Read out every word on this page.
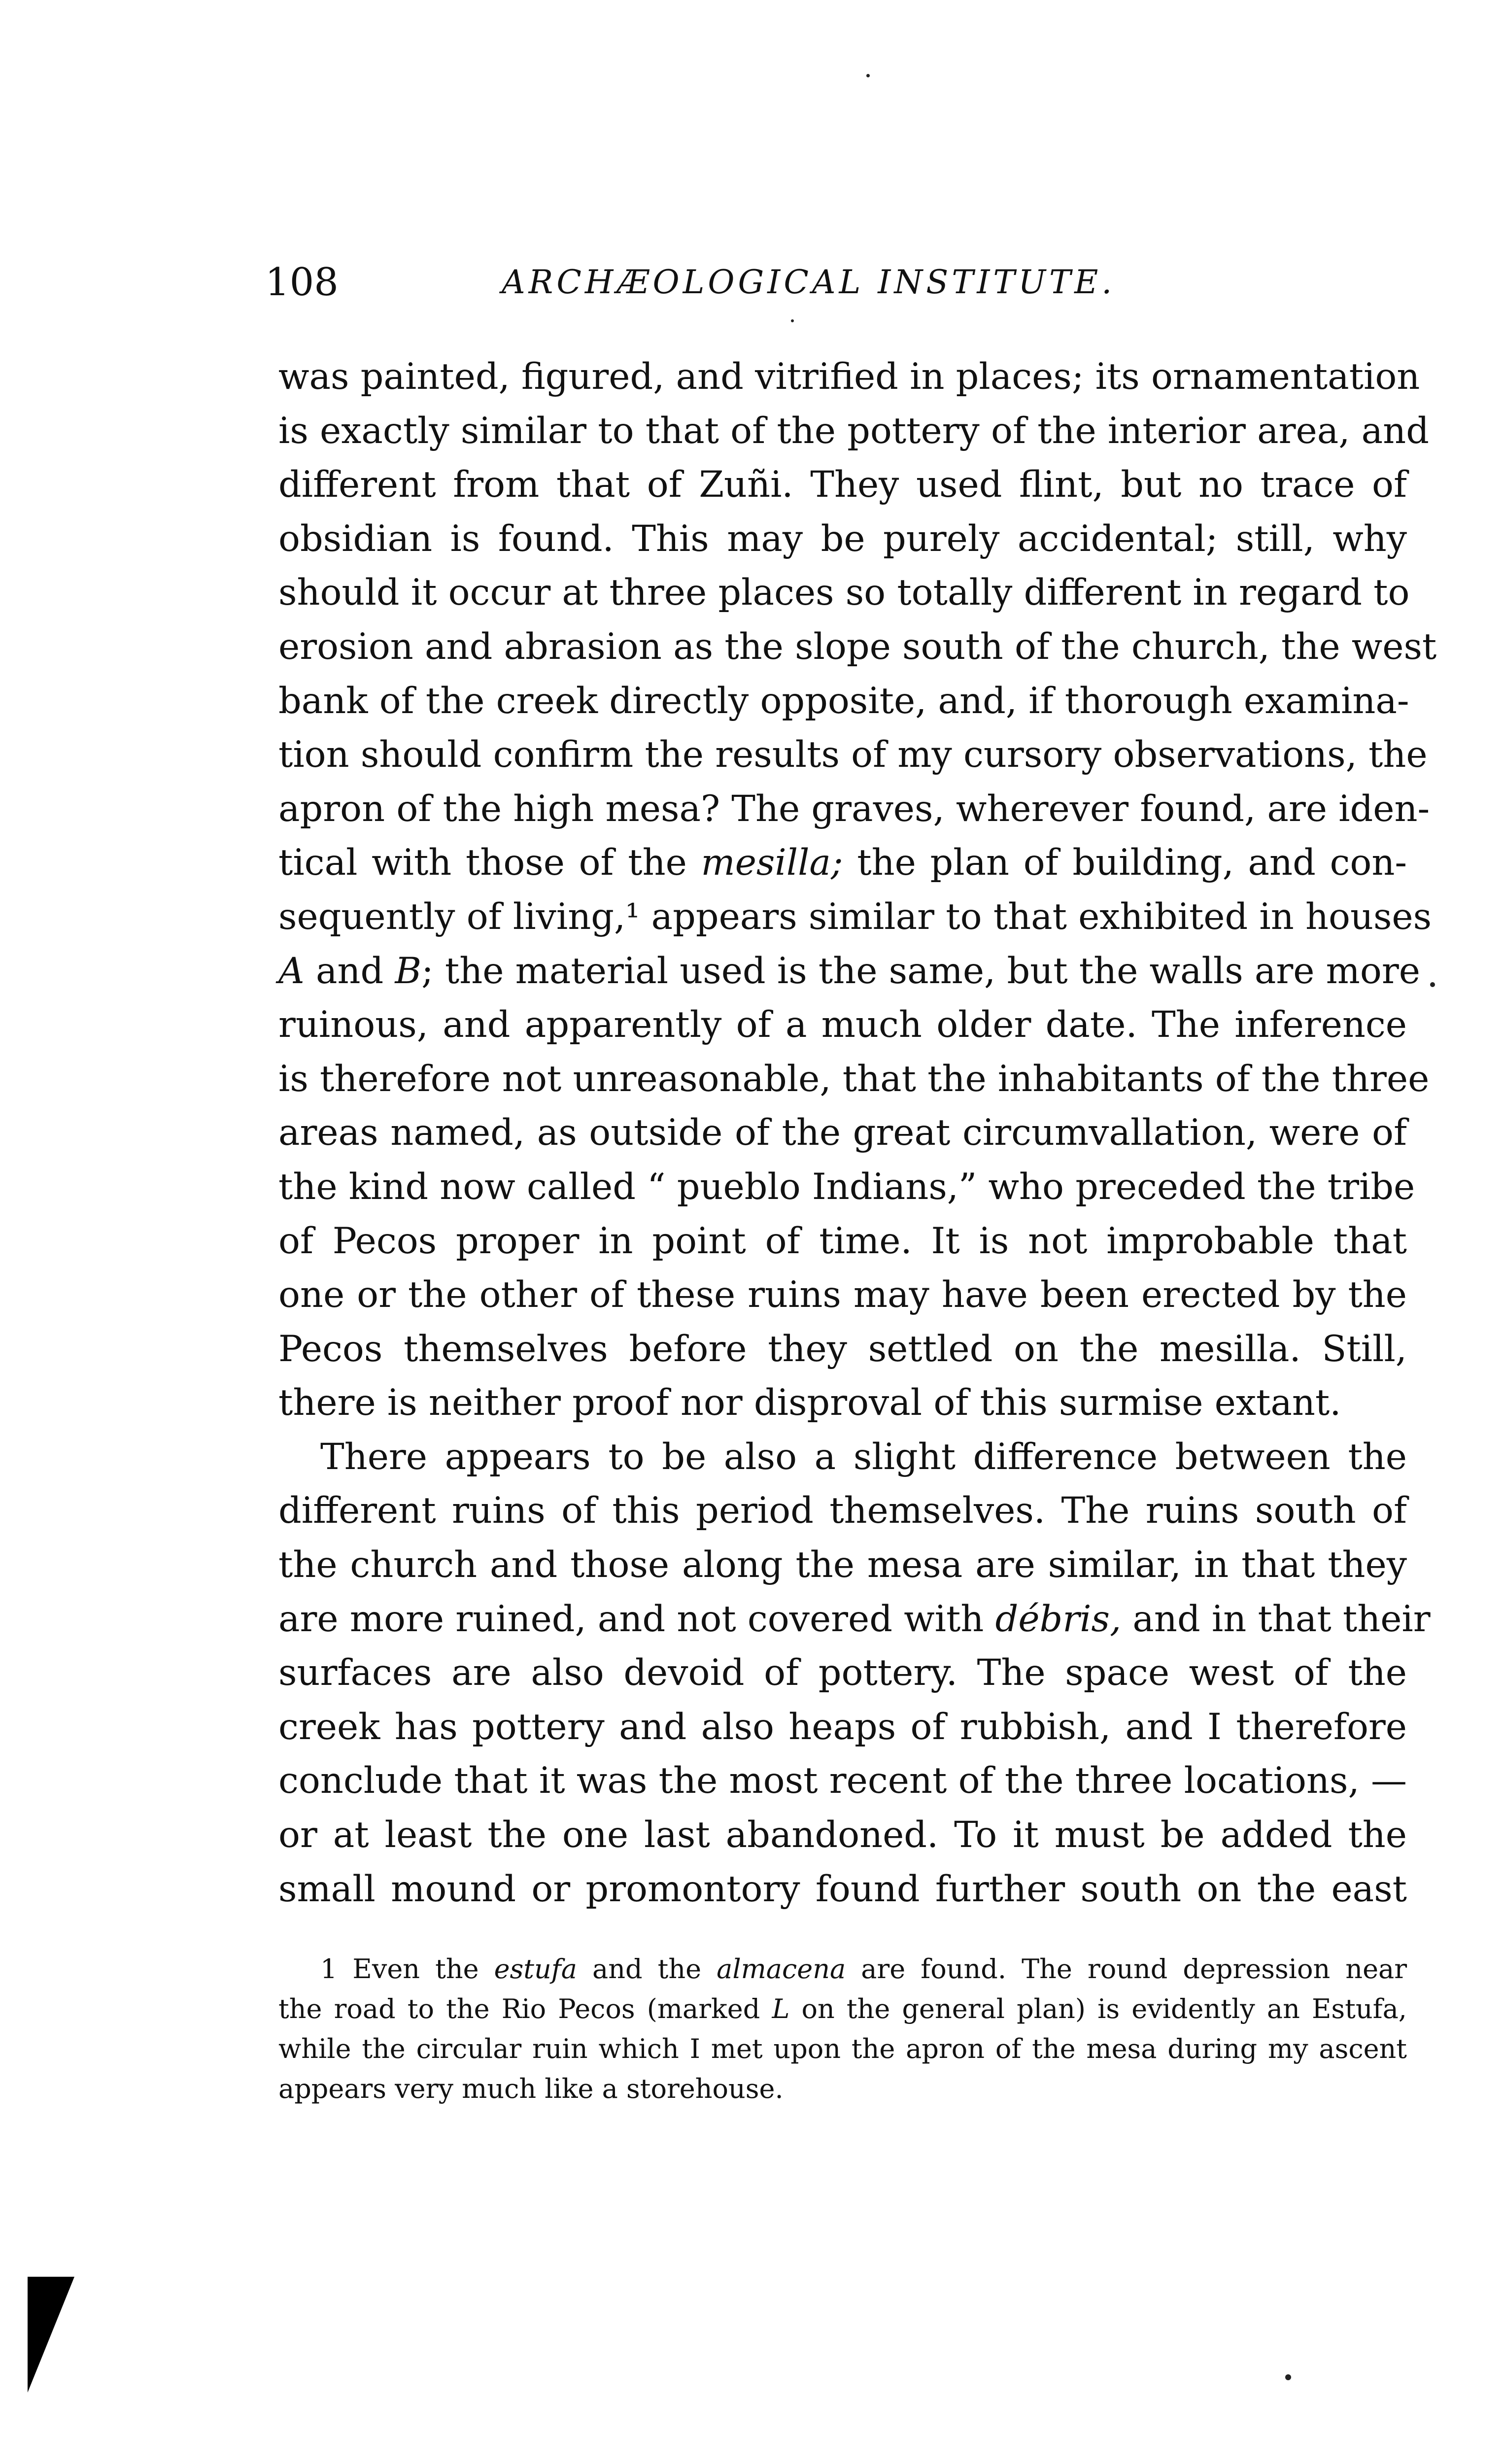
108	ARCHÆOLOGICAL INSTITUTE.
was painted, figured, and vitrified in places; its ornamentation
is exactly similar to that of the pottery of the interior area, and
different from that of Zuñi. They used flint, but no trace of
obsidian is found. This may be purely accidental; still, why
should it occur at three places so totally different in regard to
erosion and abrasion as the slope south of the church, the west
bank of the creek directly opposite, and, if thorough examina-
tion should confirm the results of my cursory observations, the
apron of the high mesa? The graves, wherever found, are iden-
tical with those of the mesilla; the plan of building, and con-
sequently of living,¹ appears similar to that exhibited in houses
A and B; the material used is the same, but the walls are more
ruinous, and apparently of a much older date. The inference
is therefore not unreasonable, that the inhabitants of the three
areas named, as outside of the great circumvallation, were of
the kind now called “ pueblo Indians,” who preceded the tribe
of Pecos proper in point of time. It is not improbable that
one or the other of these ruins may have been erected by the
Pecos themselves before they settled on the mesilla. Still,
there is neither proof nor disproval of this surmise extant.
There appears to be also a slight difference between the
different ruins of this period themselves. The ruins south of
the church and those along the mesa are similar, in that they
are more ruined, and not covered with débris, and in that their
surfaces are also devoid of pottery. The space west of the
creek has pottery and also heaps of rubbish, and I therefore
conclude that it was the most recent of the three locations, —
or at least the one last abandoned. To it must be added the
small mound or promontory found further south on the east
1 Even the estufa and the almacena are found. The round depression near
the road to the Rio Pecos (marked L on the general plan) is evidently an Estufa,
while the circular ruin which I met upon the apron of the mesa during my ascent
appears very much like a storehouse.
